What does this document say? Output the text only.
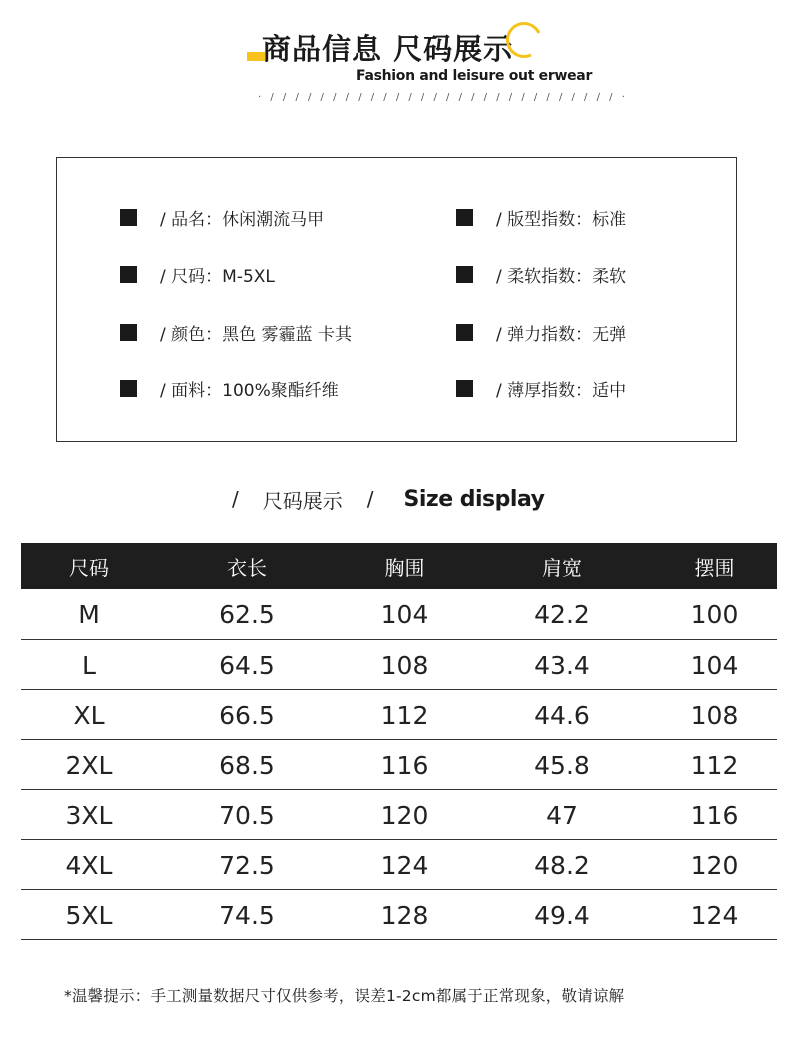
商品信息 尺码展示
Fashion and leisure out erwear
· / / / / / / / / / / / / / / / / / / / / / / / / / / / / ·
/ 品名：休闲潮流马甲
/ 尺码：M-5XL
/ 颜色：黑色 雾霾蓝 卡其
/ 面料：100%聚酯纤维
/ 版型指数：标准
/ 柔软指数：柔软
/ 弹力指数：无弹
/ 薄厚指数：适中
/ 尺码展示 / Size display
尺码	衣长	胸围	肩宽	摆围
M	62.5	104	42.2	100
L	64.5	108	43.4	104
XL	66.5	112	44.6	108
2XL	68.5	116	45.8	112
3XL	70.5	120	47	116
4XL	72.5	124	48.2	120
5XL	74.5	128	49.4	124
*温馨提示：手工测量数据尺寸仅供参考，误差1-2cm都属于正常现象，敬请谅解
